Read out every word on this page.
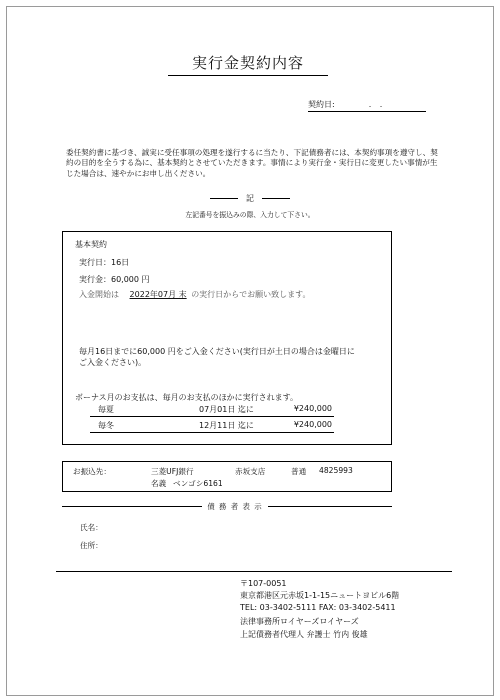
実行金契約内容
契約日:	. .
委任契約書に基づき、誠実に受任事項の処理を遂行するに当たり、下記債務者には、本契約事項を遵守し、契約の目的を全うする為に、基本契約とさせていただきます。事情により実行金・実行日に変更したい事情が生じた場合は、速やかにお申し出ください。
記
左記番号を振込みの際、入力して下さい。
基本契約
実行日：16日
実行金：60,000 円
入金開始は 2022年07月 末 の実行日からでお願い致します。
毎月16日までに60,000 円をご入金ください(実行日が土日の場合は金曜日に
ご入金ください)。
ボーナス月のお支払は、毎月のお支払のほかに実行されます。
毎夏	07月01日 迄に	¥240,000
毎冬	12月11日 迄に	¥240,000
お振込先：	三菱UFJ銀行	赤坂支店	普通 4825993
名義 ベンゴシ6161
債 務 者 表 示
氏名：
住所：
〒107-0051
東京都港区元赤坂1-1-15ニュートヨビル6階
TEL: 03-3402-5111 FAX: 03-3402-5411
法律事務所ロイヤーズロイヤーズ
上記債務者代理人 弁護士 竹内 俊雄
